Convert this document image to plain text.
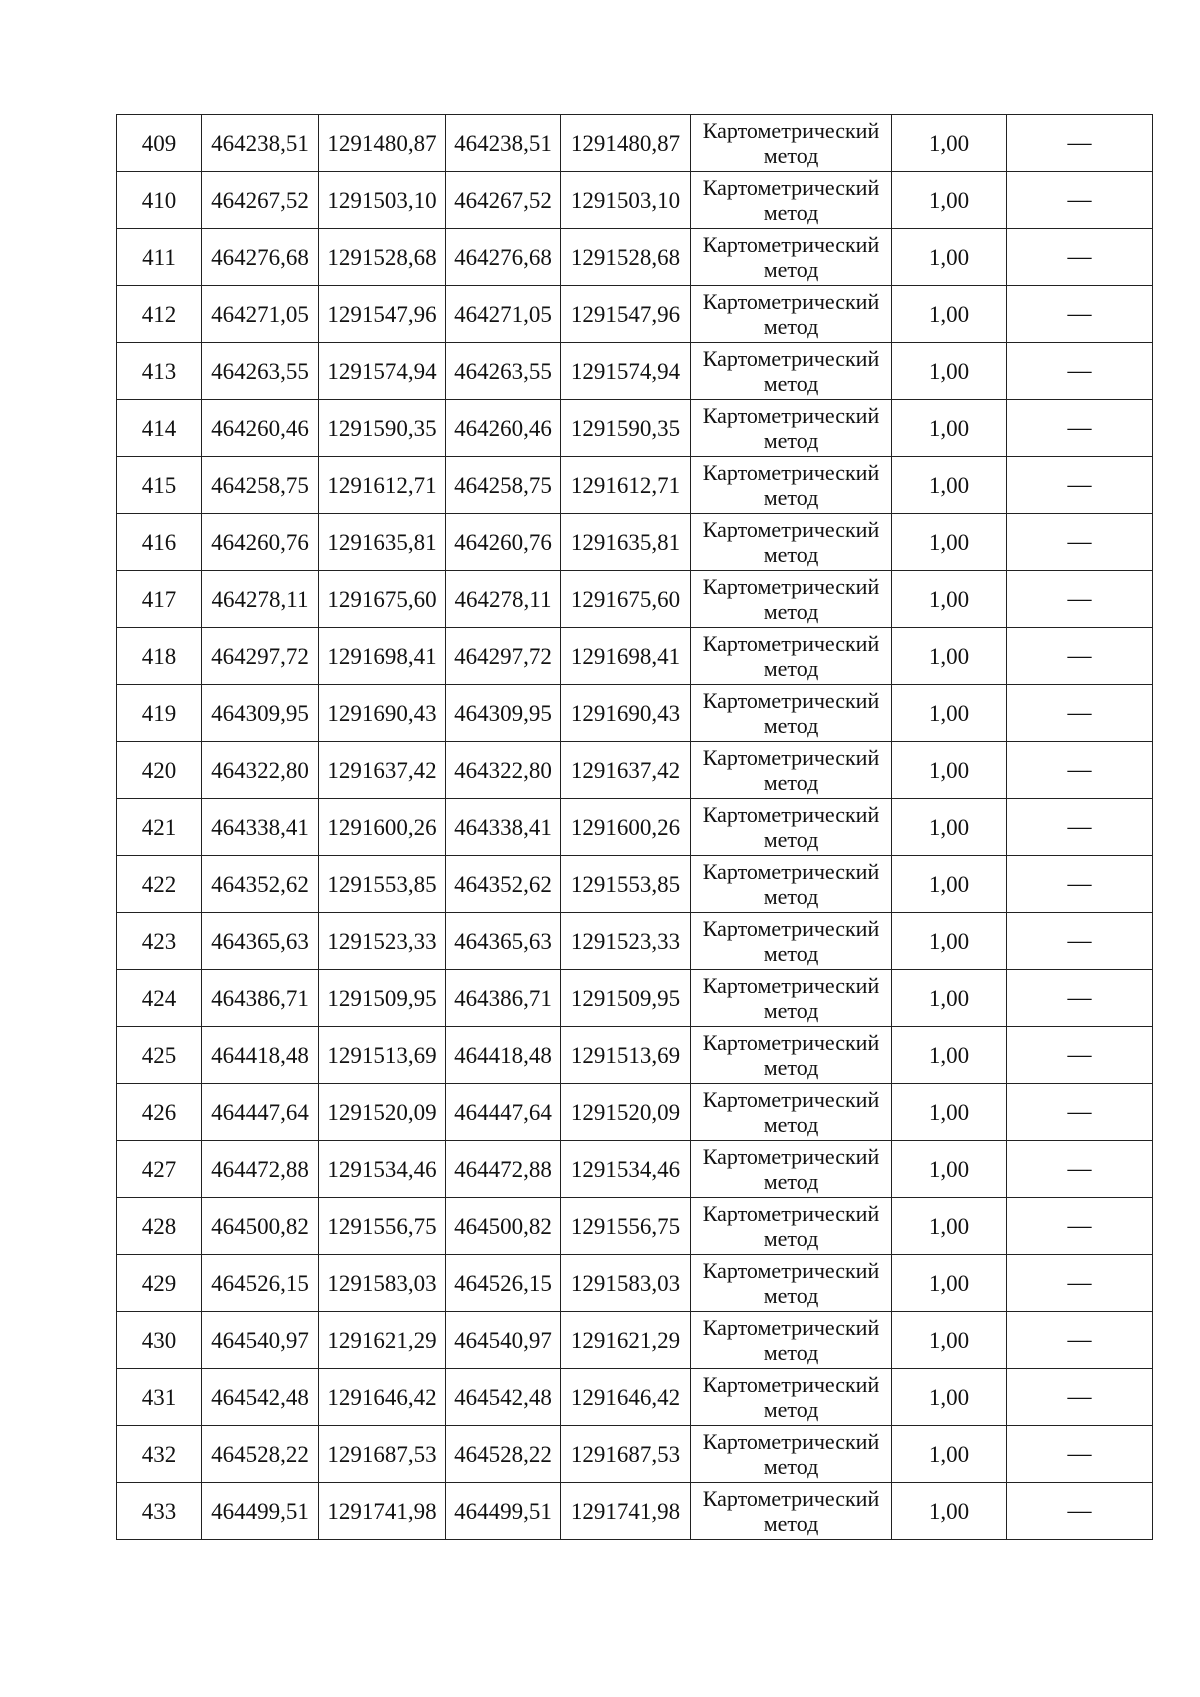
409	464238,51	1291480,87	464238,51	1291480,87	Картометрический
метод	1,00	—
410	464267,52	1291503,10	464267,52	1291503,10	Картометрический
метод	1,00	—
411	464276,68	1291528,68	464276,68	1291528,68	Картометрический
метод	1,00	—
412	464271,05	1291547,96	464271,05	1291547,96	Картометрический
метод	1,00	—
413	464263,55	1291574,94	464263,55	1291574,94	Картометрический
метод	1,00	—
414	464260,46	1291590,35	464260,46	1291590,35	Картометрический
метод	1,00	—
415	464258,75	1291612,71	464258,75	1291612,71	Картометрический
метод	1,00	—
416	464260,76	1291635,81	464260,76	1291635,81	Картометрический
метод	1,00	—
417	464278,11	1291675,60	464278,11	1291675,60	Картометрический
метод	1,00	—
418	464297,72	1291698,41	464297,72	1291698,41	Картометрический
метод	1,00	—
419	464309,95	1291690,43	464309,95	1291690,43	Картометрический
метод	1,00	—
420	464322,80	1291637,42	464322,80	1291637,42	Картометрический
метод	1,00	—
421	464338,41	1291600,26	464338,41	1291600,26	Картометрический
метод	1,00	—
422	464352,62	1291553,85	464352,62	1291553,85	Картометрический
метод	1,00	—
423	464365,63	1291523,33	464365,63	1291523,33	Картометрический
метод	1,00	—
424	464386,71	1291509,95	464386,71	1291509,95	Картометрический
метод	1,00	—
425	464418,48	1291513,69	464418,48	1291513,69	Картометрический
метод	1,00	—
426	464447,64	1291520,09	464447,64	1291520,09	Картометрический
метод	1,00	—
427	464472,88	1291534,46	464472,88	1291534,46	Картометрический
метод	1,00	—
428	464500,82	1291556,75	464500,82	1291556,75	Картометрический
метод	1,00	—
429	464526,15	1291583,03	464526,15	1291583,03	Картометрический
метод	1,00	—
430	464540,97	1291621,29	464540,97	1291621,29	Картометрический
метод	1,00	—
431	464542,48	1291646,42	464542,48	1291646,42	Картометрический
метод	1,00	—
432	464528,22	1291687,53	464528,22	1291687,53	Картометрический
метод	1,00	—
433	464499,51	1291741,98	464499,51	1291741,98	Картометрический
метод	1,00	—
